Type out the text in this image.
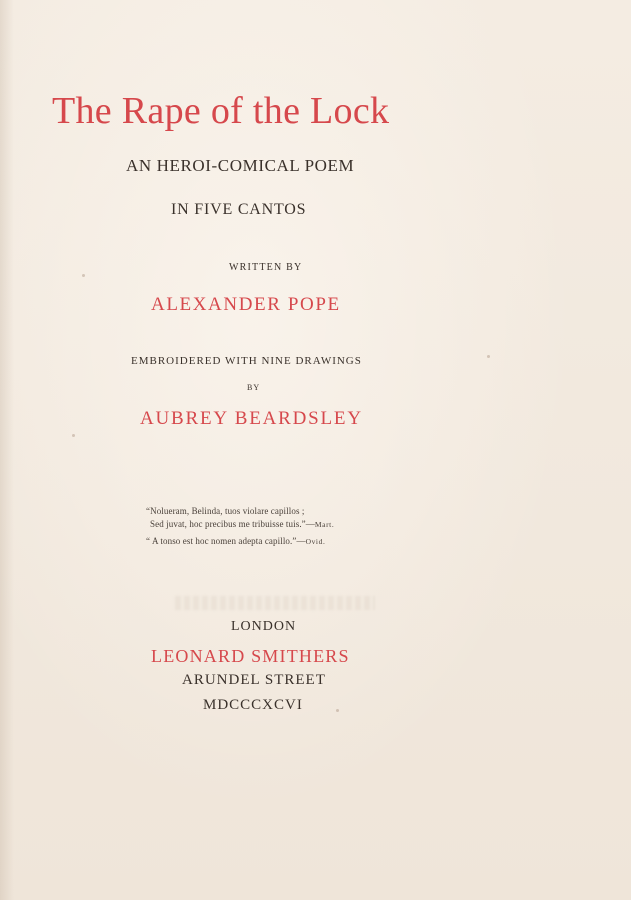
The Rape of the Lock

AN HEROI-COMICAL POEM

IN FIVE CANTOS

WRITTEN BY

ALEXANDER POPE

EMBROIDERED WITH NINE DRAWINGS

BY

AUBREY BEARDSLEY

“Nolueram, Belinda, tuos violare capillos ;

Sed juvat, hoc precibus me tribuisse tuis.”—Mart.

“ A tonso est hoc nomen adepta capillo.”—Ovid.

LONDON

LEONARD SMITHERS

ARUNDEL STREET

MDCCCXCVI
